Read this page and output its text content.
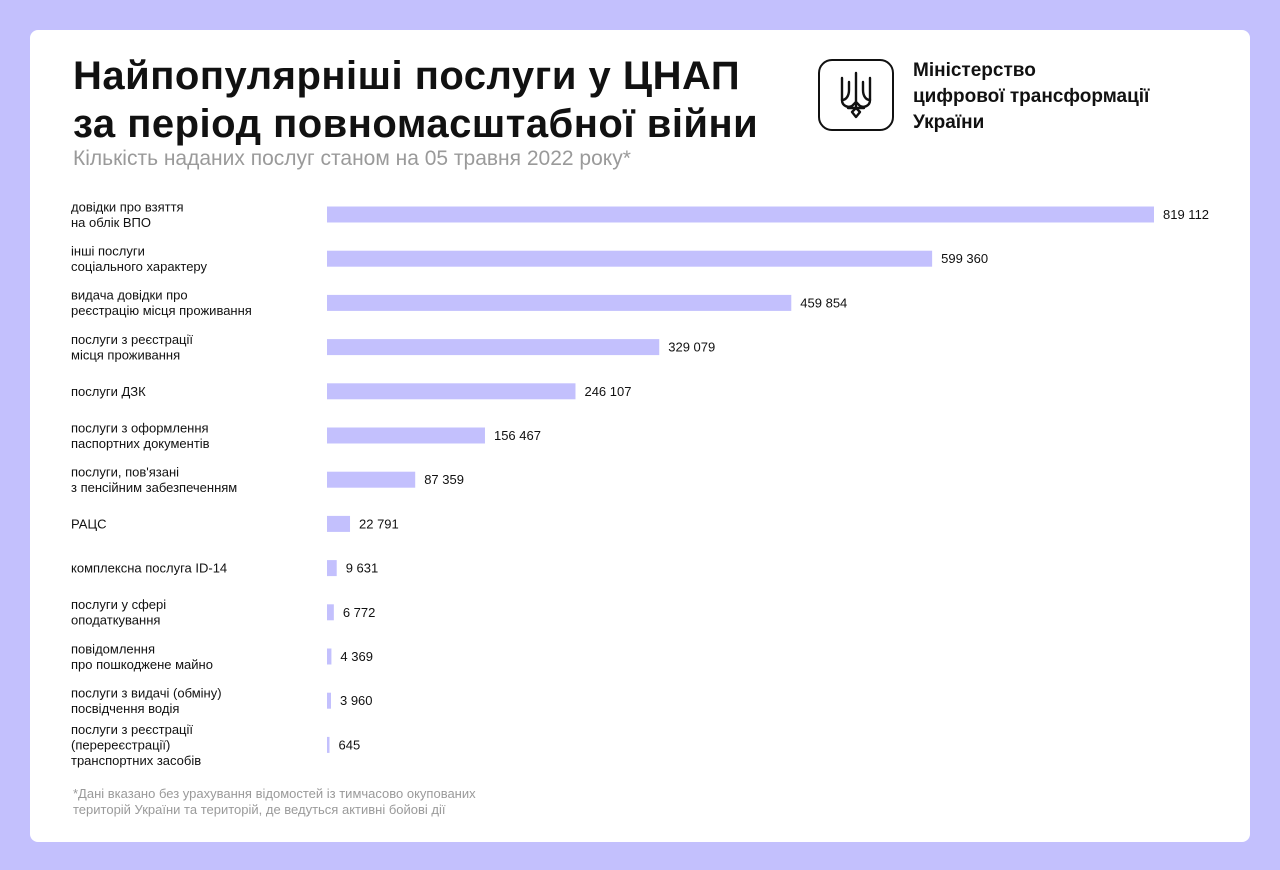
Найпопулярніші послуги у ЦНАП
за період повномасштабної війни
Кількість наданих послуг станом на 05 травня 2022 року*
Міністерство
цифрової трансформації
України
819 112
довідки про взяття
на облік ВПО
599 360
інші послуги
соціального характеру
459 854
видача довідки про
реєстрацію місця проживання
329 079
послуги з реєстрації
місця проживання
246 107
послуги ДЗК
156 467
послуги з оформлення
паспортних документів
87 359
послуги, пов'язані
з пенсійним забезпеченням
22 791
РАЦС
9 631
комплексна послуга ID-14
6 772
послуги у сфері
оподаткування
4 369
повідомлення
про пошкоджене майно
3 960
послуги з видачі (обміну)
посвідчення водія
645
послуги з реєстрації
(перереєстрації)
транспортних засобів
*Дані вказано без урахування відомостей із тимчасово окупованих
територій України та територій, де ведуться активні бойові дії
